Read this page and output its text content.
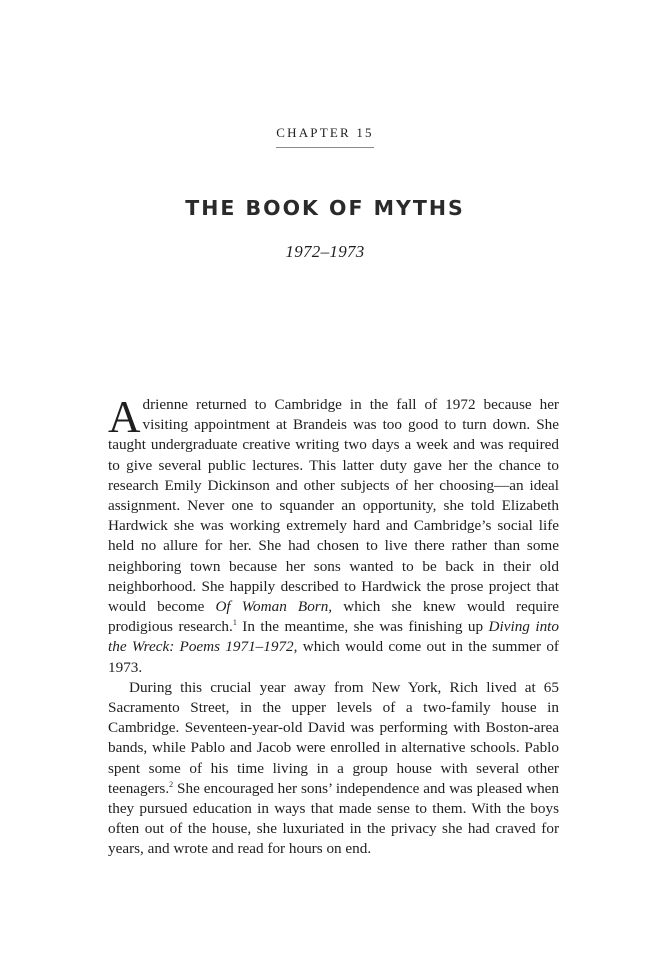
CHAPTER 15
THE BOOK OF MYTHS
1972–1973

Adrienne returned to Cambridge in the fall of 1972 because her visiting appointment at Brandeis was too good to turn down. She taught undergraduate creative writing two days a week and was required to give several public lectures. This latter duty gave her the chance to research Emily Dickinson and other subjects of her choosing—an ideal assignment. Never one to squander an opportunity, she told Elizabeth Hardwick she was working extremely hard and Cambridge’s social life held no allure for her. She had chosen to live there rather than some neighboring town because her sons wanted to be back in their old neighborhood. She happily described to Hardwick the prose project that would become Of Woman Born, which she knew would require prodigious research.$^1$ In the meantime, she was finishing up Diving into the Wreck: Poems 1971–1972, which would come out in the summer of 1973.

During this crucial year away from New York, Rich lived at 65 Sacramento Street, in the upper levels of a two-family house in Cambridge. Seventeen-year-old David was performing with Boston-area bands, while Pablo and Jacob were enrolled in alternative schools. Pablo spent some of his time living in a group house with several other teenagers.$^2$ She encouraged her sons’ independence and was pleased when they pursued education in ways that made sense to them. With the boys often out of the house, she luxuriated in the privacy she had craved for years, and wrote and read for hours on end.
